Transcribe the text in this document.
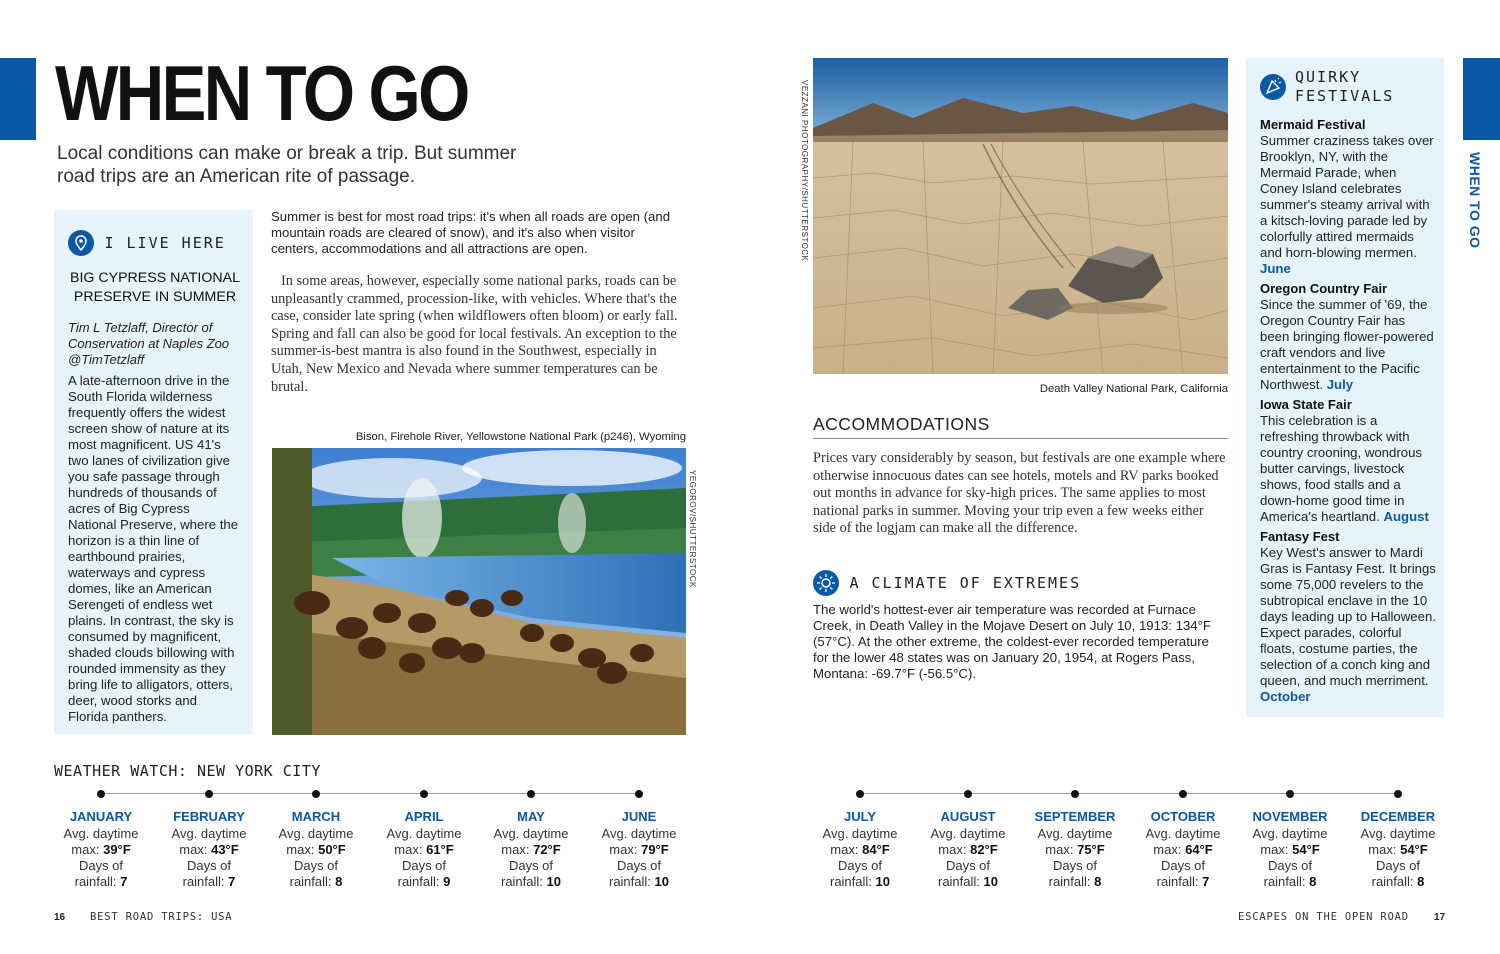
WHEN TO GO
WHEN TO GO
Local conditions can make or break a trip. But summer road trips are an American rite of passage.
I LIVE HERE
BIG CYPRESS NATIONAL PRESERVE IN SUMMER
Tim L Tetzlaff, Director of Conservation at Naples Zoo @TimTetzlaff
A late-afternoon drive in the South Florida wilderness frequently offers the widest screen show of nature at its most magnificent. US 41's two lanes of civilization give you safe passage through hundreds of thousands of acres of Big Cypress National Preserve, where the horizon is a thin line of earthbound prairies, waterways and cypress domes, like an American Serengeti of endless wet plains. In contrast, the sky is consumed by magnificent, shaded clouds billowing with rounded immensity as they bring life to alligators, otters, deer, wood storks and Florida panthers.
Summer is best for most road trips: it's when all roads are open (and mountain roads are cleared of snow), and it's also when visitor centers, accommodations and all attractions are open.
In some areas, however, especially some national parks, roads can be unpleasantly crammed, procession-like, with vehicles. Where that's the case, consider late spring (when wildflowers often bloom) or early fall. Spring and fall can also be good for local festivals. An exception to the summer-is-best mantra is also found in the Southwest, especially in Utah, New Mexico and Nevada where summer temperatures can be brutal.
Bison, Firehole River, Yellowstone National Park (p246), Wyoming
YEGOROV/SHUTTERSTOCK
VEZZANI PHOTOGRAPHY/SHUTTERSTOCK
Death Valley National Park, California
ACCOMMODATIONS
Prices vary considerably by season, but festivals are one example where otherwise innocuous dates can see hotels, motels and RV parks booked out months in advance for sky-high prices. The same applies to most national parks in summer. Moving your trip even a few weeks either side of the logjam can make all the difference.
A CLIMATE OF EXTREMES
The world's hottest-ever air temperature was recorded at Furnace Creek, in Death Valley in the Mojave Desert on July 10, 1913: 134°F (57°C). At the other extreme, the coldest-ever recorded temperature for the lower 48 states was on January 20, 1954, at Rogers Pass, Montana: -69.7°F (-56.5°C).
QUIRKY
FESTIVALS
Mermaid Festival
Summer craziness takes over Brooklyn, NY, with the Mermaid Parade, when Coney Island celebrates summer's steamy arrival with a kitsch-loving parade led by colorfully attired mermaids and horn-blowing mermen. June
Oregon Country Fair
Since the summer of '69, the Oregon Country Fair has been bringing flower-powered craft vendors and live entertainment to the Pacific Northwest. July
Iowa State Fair
This celebration is a refreshing throwback with country crooning, wondrous butter carvings, livestock shows, food stalls and a down-home good time in America's heartland. August
Fantasy Fest
Key West's answer to Mardi Gras is Fantasy Fest. It brings some 75,000 revelers to the subtropical enclave in the 10 days leading up to Halloween. Expect parades, colorful floats, costume parties, the selection of a conch king and queen, and much merriment. October
WEATHER WATCH: NEW YORK CITY
JANUARY
Avg. daytime
max: 39°F
Days of
rainfall: 7
FEBRUARY
Avg. daytime
max: 43°F
Days of
rainfall: 7
MARCH
Avg. daytime
max: 50°F
Days of
rainfall: 8
APRIL
Avg. daytime
max: 61°F
Days of
rainfall: 9
MAY
Avg. daytime
max: 72°F
Days of
rainfall: 10
JUNE
Avg. daytime
max: 79°F
Days of
rainfall: 10
JULY
Avg. daytime
max: 84°F
Days of
rainfall: 10
AUGUST
Avg. daytime
max: 82°F
Days of
rainfall: 10
SEPTEMBER
Avg. daytime
max: 75°F
Days of
rainfall: 8
OCTOBER
Avg. daytime
max: 64°F
Days of
rainfall: 7
NOVEMBER
Avg. daytime
max: 54°F
Days of
rainfall: 8
DECEMBER
Avg. daytime
max: 54°F
Days of
rainfall: 8
16 BEST ROAD TRIPS: USA	ESCAPES ON THE OPEN ROAD	17
